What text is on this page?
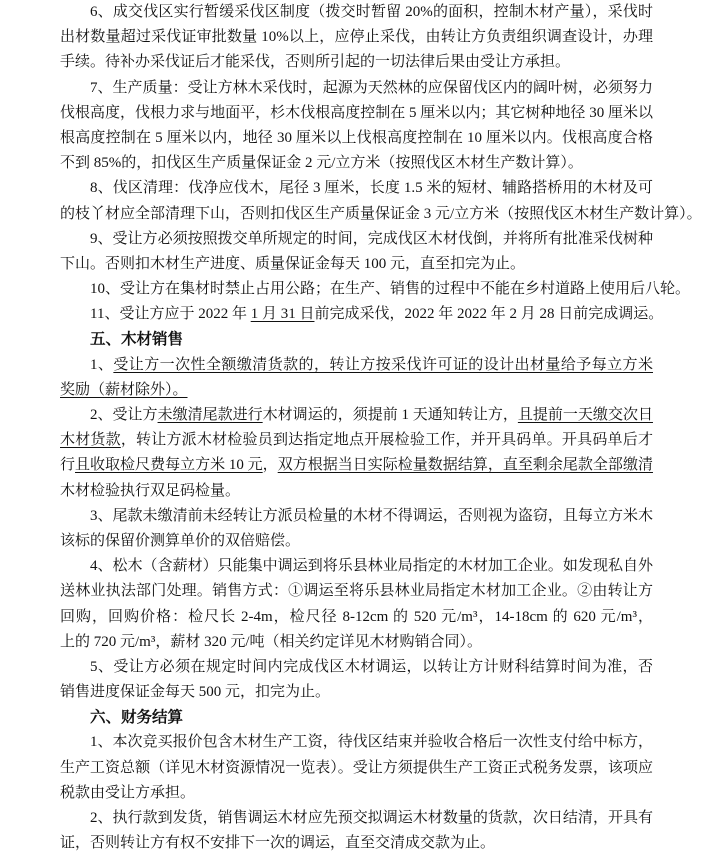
6、成交伐区实行暂缓采伐区制度（拨交时暂留 20%的面积，控制木材产量），采伐时
出材数量超过采伐证审批数量 10%以上，应停止采伐，由转让方负责组织调查设计，办理
手续。待补办采伐证后才能采伐，否则所引起的一切法律后果由受让方承担。
7、生产质量：受让方林木采伐时，起源为天然林的应保留伐区内的阔叶树，必须努力
伐根高度，伐根力求与地面平，杉木伐根高度控制在 5 厘米以内；其它树种地径 30 厘米以
根高度控制在 5 厘米以内，地径 30 厘米以上伐根高度控制在 10 厘米以内。伐根高度合格
不到 85%的，扣伐区生产质量保证金 2 元/立方米（按照伐区木材生产数计算）。
8、伐区清理：伐净应伐木，尾径 3 厘米，长度 1.5 米的短材、辅路搭桥用的木材及可
的枝丫材应全部清理下山，否则扣伐区生产质量保证金 3 元/立方米（按照伐区木材生产数计算）。
9、受让方必须按照拨交单所规定的时间，完成伐区木材伐倒，并将所有批准采伐树种
下山。否则扣木材生产进度、质量保证金每天 100 元，直至扣完为止。
10、受让方在集材时禁止占用公路；在生产、销售的过程中不能在乡村道路上使用后八轮。
11、受让方应于 2022 年 1 月 31 日前完成采伐，2022 年 2022 年 2 月 28 日前完成调运。
五、木材销售
1、受让方一次性全额缴清货款的，转让方按采伐许可证的设计出材量给予每立方米
奖励（薪材除外）。
2、受让方未缴清尾款进行木材调运的，须提前 1 天通知转让方，且提前一天缴交次日
木材货款，转让方派木材检验员到达指定地点开展检验工作，并开具码单。开具码单后才
行且收取检尺费每立方米 10 元，双方根据当日实际检量数据结算，直至剩余尾款全部缴清
木材检验执行双足码检量。
3、尾款未缴清前未经转让方派员检量的木材不得调运，否则视为盗窃，且每立方米木
该标的保留价测算单价的双倍赔偿。
4、松木（含薪材）只能集中调运到将乐县林业局指定的木材加工企业。如发现私自外
送林业执法部门处理。销售方式：①调运至将乐县林业局指定木材加工企业。②由转让方
回购，回购价格：检尺长 2-4m，检尺径 8-12cm 的 520 元/m³，14-18cm 的 620 元/m³，
上的 720 元/m³，薪材 320 元/吨（相关约定详见木材购销合同）。
5、受让方必须在规定时间内完成伐区木材调运，以转让方计财科结算时间为准，否
销售进度保证金每天 500 元，扣完为止。
六、财务结算
1、本次竞买报价包含木材生产工资，待伐区结束并验收合格后一次性支付给中标方，
生产工资总额（详见木材资源情况一览表）。受让方须提供生产工资正式税务发票，该项应
税款由受让方承担。
2、执行款到发货，销售调运木材应先预交拟调运木材数量的货款，次日结清，开具有
证，否则转让方有权不安排下一次的调运，直至交清成交款为止。
